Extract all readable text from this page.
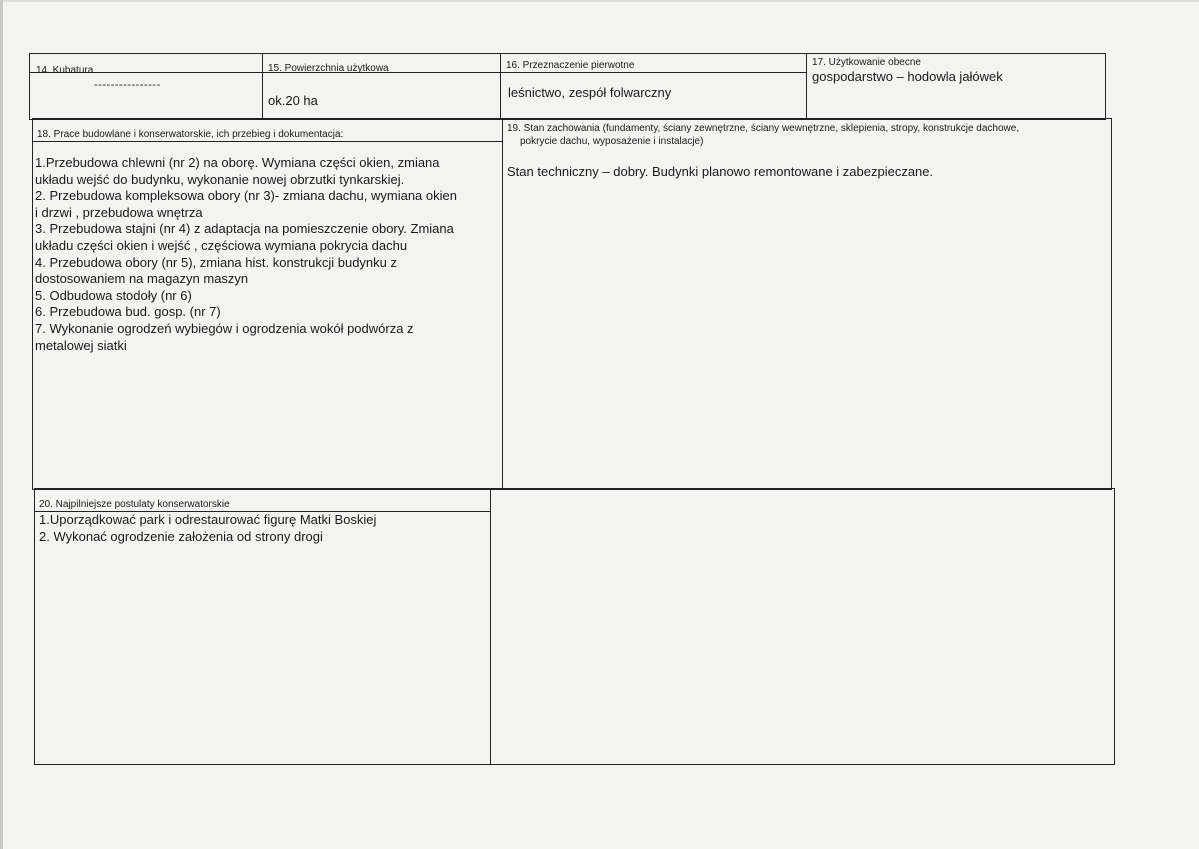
14. Kubatura
----------------
15. Powierzchnia użytkowa
ok.20 ha
16. Przeznaczenie pierwotne
leśnictwo, zespół folwarczny
17. Użytkowanie obecne
gospodarstwo – hodowla jałówek
18. Prace budowlane i konserwatorskie, ich przebieg i dokumentacja:
1.Przebudowa chlewni (nr 2) na oborę. Wymiana części okien, zmiana
układu wejść do budynku, wykonanie nowej obrzutki tynkarskiej.
2. Przebudowa kompleksowa obory (nr 3)- zmiana dachu, wymiana okien
i drzwi , przebudowa wnętrza
3. Przebudowa stajni (nr 4) z adaptacja na pomieszczenie obory. Zmiana
układu części okien i wejść , częściowa wymiana pokrycia dachu
4. Przebudowa obory (nr 5), zmiana hist. konstrukcji budynku z
dostosowaniem na magazyn maszyn
5. Odbudowa stodoły (nr 6)
6. Przebudowa bud. gosp. (nr 7)
7. Wykonanie ogrodzeń wybiegów i ogrodzenia wokół podwórza z
metalowej siatki
19. Stan zachowania (fundamenty, ściany zewnętrzne, ściany wewnętrzne, sklepienia, stropy, konstrukcje dachowe,
pokrycie dachu, wyposażenie i instalacje)
Stan techniczny – dobry. Budynki planowo remontowane i zabezpieczane.
20. Najpilniejsze postulaty konserwatorskie
1.Uporządkować park i odrestaurować figurę Matki Boskiej
2. Wykonać ogrodzenie założenia od strony drogi
